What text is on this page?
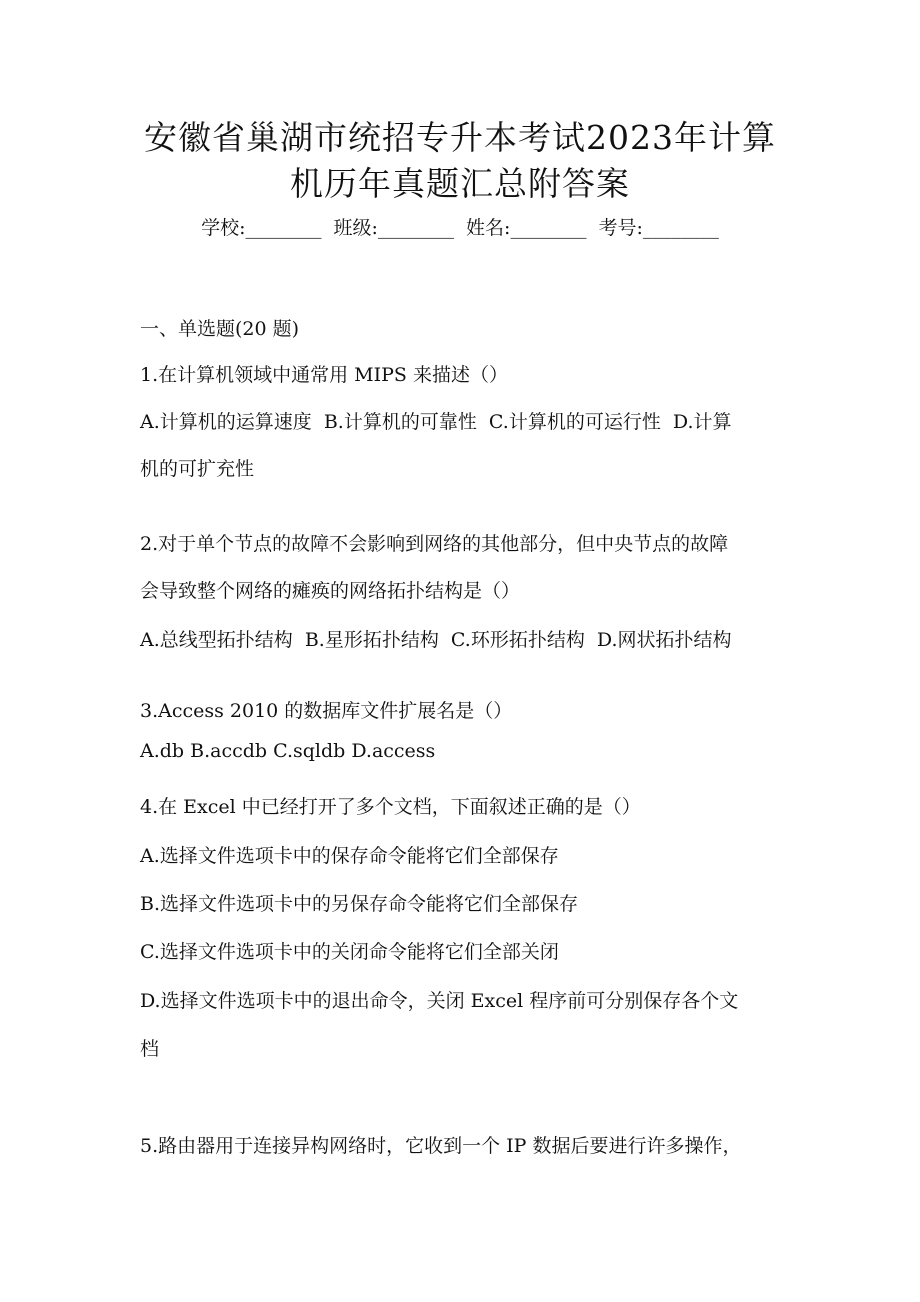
安徽省巢湖市统招专升本考试2023年计算
机历年真题汇总附答案
学校:________  班级:________  姓名:________  考号:________
一、单选题(20 题)
1.在计算机领域中通常用 MIPS 来描述（）
A.计算机的运算速度  B.计算机的可靠性  C.计算机的可运行性  D.计算
机的可扩充性
2.对于单个节点的故障不会影响到网络的其他部分，但中央节点的故障
会导致整个网络的瘫痪的网络拓扑结构是（）
A.总线型拓扑结构  B.星形拓扑结构  C.环形拓扑结构  D.网状拓扑结构
3.Access 2010 的数据库文件扩展名是（）
A.db B.accdb C.sqldb D.access
4.在 Excel 中已经打开了多个文档，下面叙述正确的是（）
A.选择文件选项卡中的保存命令能将它们全部保存
B.选择文件选项卡中的另保存命令能将它们全部保存
C.选择文件选项卡中的关闭命令能将它们全部关闭
D.选择文件选项卡中的退出命令，关闭 Excel 程序前可分别保存各个文
档
5.路由器用于连接异构网络时，它收到一个 IP 数据后要进行许多操作，
